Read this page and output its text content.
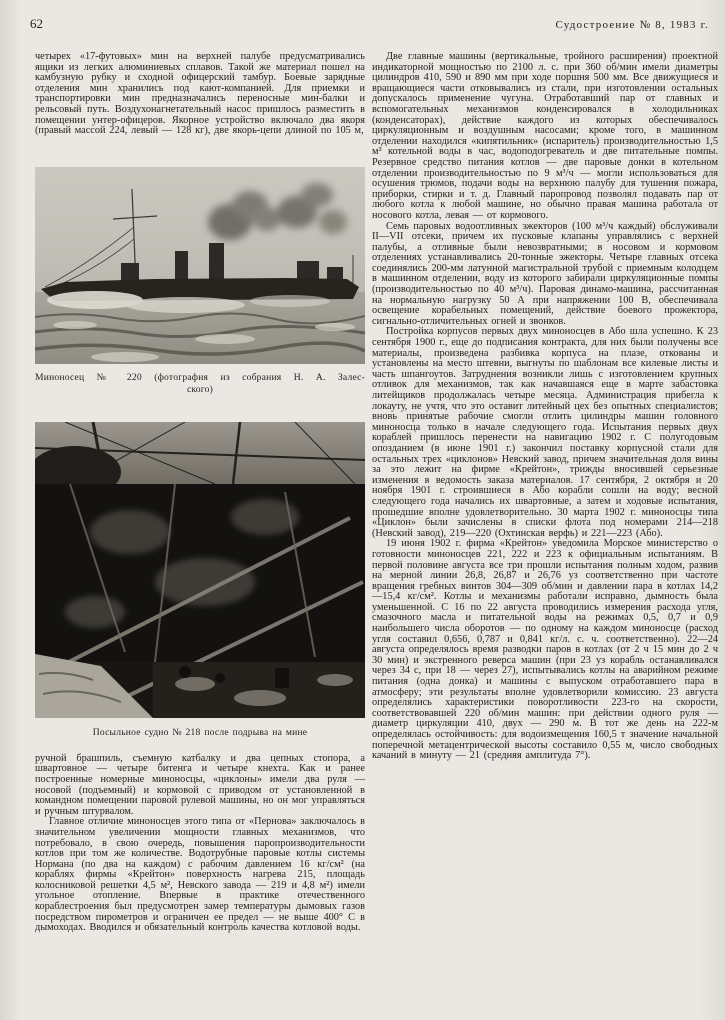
62	Судостроение № 8, 1983 г.

четырех «17-футовых» мин на верхней палубе предусматривались ящики из легких алюминиевых сплавов. Такой же материал пошел на камбузную рубку и сходной офицерский тамбур. Боевые зарядные отделения мин хранились под кают-компанией. Для приемки и транспортировки мин предназначались переносные мин-балки и рельсовый путь. Воздухонагнетательный насос пришлось разместить в помещении унтер-офицеров. Якорное устройство включало два якоря (правый массой 224, левый — 128 кг), две якорь-цепи длиной по 105 м,

Миноносец № 220 (фотография из собрания Н. А. Залес-
ского)
Посыльное судно № 218 после подрыва на мине

ручной брашпиль, съемную катбалку и два цепных стопора, а швартовное — четыре битенга и четыре кнехта. Как и ранее построенные номерные миноносцы, «циклоны» имели два руля — носовой (подъемный) и кормовой с приводом от установленной в командном помещении паровой рулевой машины, но он мог управляться и ручным штурвалом.

Главное отличие миноносцев этого типа от «Пернова» заключалось в значительном увеличении мощности главных механизмов, что потребовало, в свою очередь, повышения паропроизводительности котлов при том же количестве. Водотрубные паровые котлы системы Нормана (по два на каждом) с рабочим давлением 16 кг/см² (на кораблях фирмы «Крейтон» поверхность нагрева 215, площадь колосниковой решетки 4,5 м², Невского завода — 219 и 4,8 м²) имели угольное отопление. Впервые в практике отечественного кораблестроения был предусмотрен замер температуры дымовых газов посредством пирометров и ограничен ее предел — не выше 400° С в дымоходах. Вводился и обязательный контроль качества котловой воды.

Две главные машины (вертикальные, тройного расширения) проектной индикаторной мощностью по 2100 л. с. при 360 об/мин имели диаметры цилиндров 410, 590 и 890 мм при ходе поршня 500 мм. Все движущиеся и вращающиеся части отковывались из стали, при изготовлении остальных допускалось применение чугуна. Отработавший пар от главных и вспомогательных механизмов конденсировался в холодильниках (конденсаторах), действие каждого из которых обеспечивалось циркуляционным и воздушным насосами; кроме того, в машинном отделении находился «кипятильник» (испаритель) производительностью 1,5 м³ котельной воды в час, водоподогреватель и две питательные помпы. Резервное средство питания котлов — две паровые донки в котельном отделении производительностью по 9 м³/ч — могли использоваться для осушения трюмов, подачи воды на верхнюю палубу для тушения пожара, приборки, стирки и т. д. Главный паропровод позволял подавать пар от любого котла к любой машине, но обычно правая машина работала от носового котла, левая — от кормового.

Семь паровых водоотливных эжекторов (100 м³/ч каждый) обслуживали II—VII отсеки, причем их пусковые клапаны управлялись с верхней палубы, а отливные были невозвратными; в носовом и кормовом отделениях устанавливались 20-тонные эжекторы. Четыре главных отсека соединялись 200-мм латунной магистральной трубой с приемным колодцем в машинном отделении, воду из которого забирали циркуляционные помпы (производительностью по 40 м³/ч). Паровая динамо-машина, рассчитанная на нормальную нагрузку 50 А при напряжении 100 В, обеспечивала освещение корабельных помещений, действие боевого прожектора, сигнально-отличительных огней и звонков.

Постройка корпусов первых двух миноносцев в Або шла успешно. К 23 сентября 1900 г., еще до подписания контракта, для них были получены все материалы, произведена разбивка корпуса на плазе, откованы и установлены на место штевни, выгнуты по шаблонам все килевые листы и часть шпангоутов. Затруднения возникли лишь с изготовлением крупных отливок для механизмов, так как начавшаяся еще в марте забастовка литейщиков продолжалась четыре месяца. Администрация прибегла к локауту, не учтя, что это оставит литейный цех без опытных специалистов; вновь принятые рабочие смогли отлить цилиндры машин головного миноносца только в начале следующего года. Испытания первых двух кораблей пришлось перенести на навигацию 1902 г. С полугодовым опозданием (в июне 1901 г.) закончил поставку корпусной стали для остальных трех «циклонов» Невский завод, причем значительная доля вины за это лежит на фирме «Крейтон», трижды вносившей серьезные изменения в ведомость заказа материалов. 17 сентября, 2 октября и 20 ноября 1901 г. строившиеся в Або корабли сошли на воду; весной следующего года начались их швартовные, а затем и ходовые испытания, прошедшие вполне удовлетворительно. 30 марта 1902 г. миноносцы типа «Циклон» были зачислены в списки флота под номерами 214—218 (Невский завод), 219—220 (Охтинская верфь) и 221—223 (Або).

19 июня 1902 г. фирма «Крейтон» уведомила Морское министерство о готовности миноносцев 221, 222 и 223 к официальным испытаниям. В первой половине августа все три прошли испытания полным ходом, развив на мерной линии 26,8, 26,87 и 26,76 уз соответственно при частоте вращения гребных винтов 304—309 об/мин и давлении пара в котлах 14,2—15,4 кг/см². Котлы и механизмы работали исправно, дымность была уменьшенной. С 16 по 22 августа проводились измерения расхода угля, смазочного масла и питательной воды на режимах 0,5, 0,7 и 0,9 наибольшего числа оборотов — по одному на каждом миноносце (расход угля составил 0,656, 0,787 и 0,841 кг/л. с. ч. соответственно). 22—24 августа определялось время разводки паров в котлах (от 2 ч 15 мин до 2 ч 30 мин) и экстренного реверса машин (при 23 уз корабль останавливался через 34 с, при 18 — через 27), испытывались котлы на аварийном режиме питания (одна донка) и машины с выпуском отработавшего пара в атмосферу; эти результаты вполне удовлетворили комиссию. 23 августа определялись характеристики поворотливости 223-го на скорости, соответствовавшей 220 об/мин машин: при действии одного руля — диаметр циркуляции 410, двух — 290 м. В тот же день на 222-м определялась остойчивость: для водоизмещения 160,5 т значение начальной поперечной метацентрической высоты составило 0,55 м, число свободных качаний в минуту — 21 (средняя амплитуда 7°).
